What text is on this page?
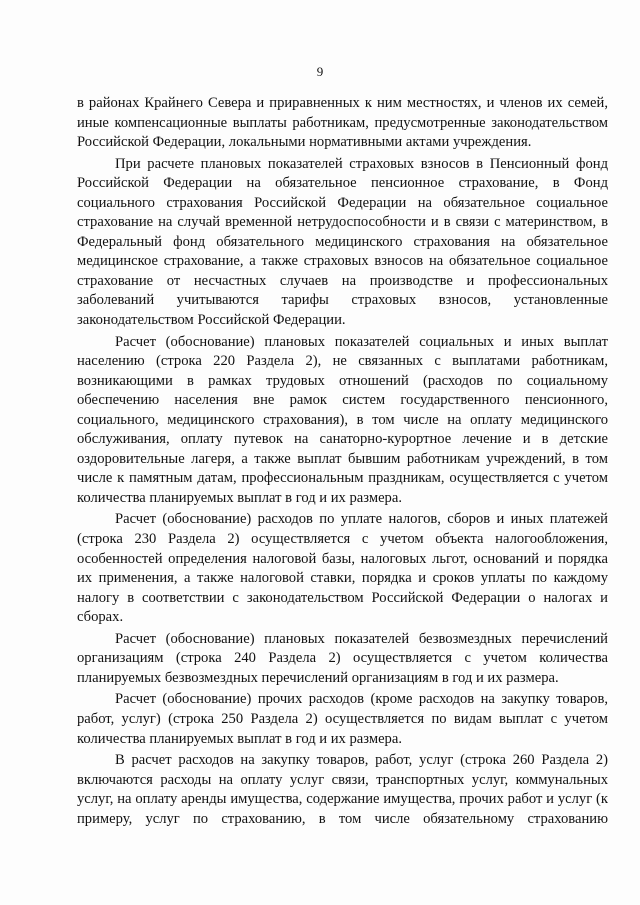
9

в районах Крайнего Севера и приравненных к ним местностях, и членов их семей, иные компенсационные выплаты работникам, предусмотренные законодательством Российской Федерации, локальными нормативными актами учреждения.

При расчете плановых показателей страховых взносов в Пенсионный фонд Российской Федерации на обязательное пенсионное страхование, в Фонд социального страхования Российской Федерации на обязательное социальное страхование на случай временной нетрудоспособности и в связи с материнством, в Федеральный фонд обязательного медицинского страхования на обязательное медицинское страхование, а также страховых взносов на обязательное социальное страхование от несчастных случаев на производстве и профессиональных заболеваний учитываются тарифы страховых взносов, установленные законодательством Российской Федерации.

Расчет (обоснование) плановых показателей социальных и иных выплат населению (строка 220 Раздела 2), не связанных с выплатами работникам, возникающими в рамках трудовых отношений (расходов по социальному обеспечению населения вне рамок систем государственного пенсионного, социального, медицинского страхования), в том числе на оплату медицинского обслуживания, оплату путевок на санаторно-курортное лечение и в детские оздоровительные лагеря, а также выплат бывшим работникам учреждений, в том числе к памятным датам, профессиональным праздникам, осуществляется с учетом количества планируемых выплат в год и их размера.

Расчет (обоснование) расходов по уплате налогов, сборов и иных платежей (строка 230 Раздела 2) осуществляется с учетом объекта налогообложения, особенностей определения налоговой базы, налоговых льгот, оснований и порядка их применения, а также налоговой ставки, порядка и сроков уплаты по каждому налогу в соответствии с законодательством Российской Федерации о налогах и сборах.

Расчет (обоснование) плановых показателей безвозмездных перечислений организациям (строка 240 Раздела 2) осуществляется с учетом количества планируемых безвозмездных перечислений организациям в год и их размера.

Расчет (обоснование) прочих расходов (кроме расходов на закупку товаров, работ, услуг) (строка 250 Раздела 2) осуществляется по видам выплат с учетом количества планируемых выплат в год и их размера.

В расчет расходов на закупку товаров, работ, услуг (строка 260 Раздела 2) включаются расходы на оплату услуг связи, транспортных услуг, коммунальных услуг, на оплату аренды имущества, содержание имущества, прочих работ и услуг (к примеру, услуг по страхованию, в том числе обязательному страхованию
